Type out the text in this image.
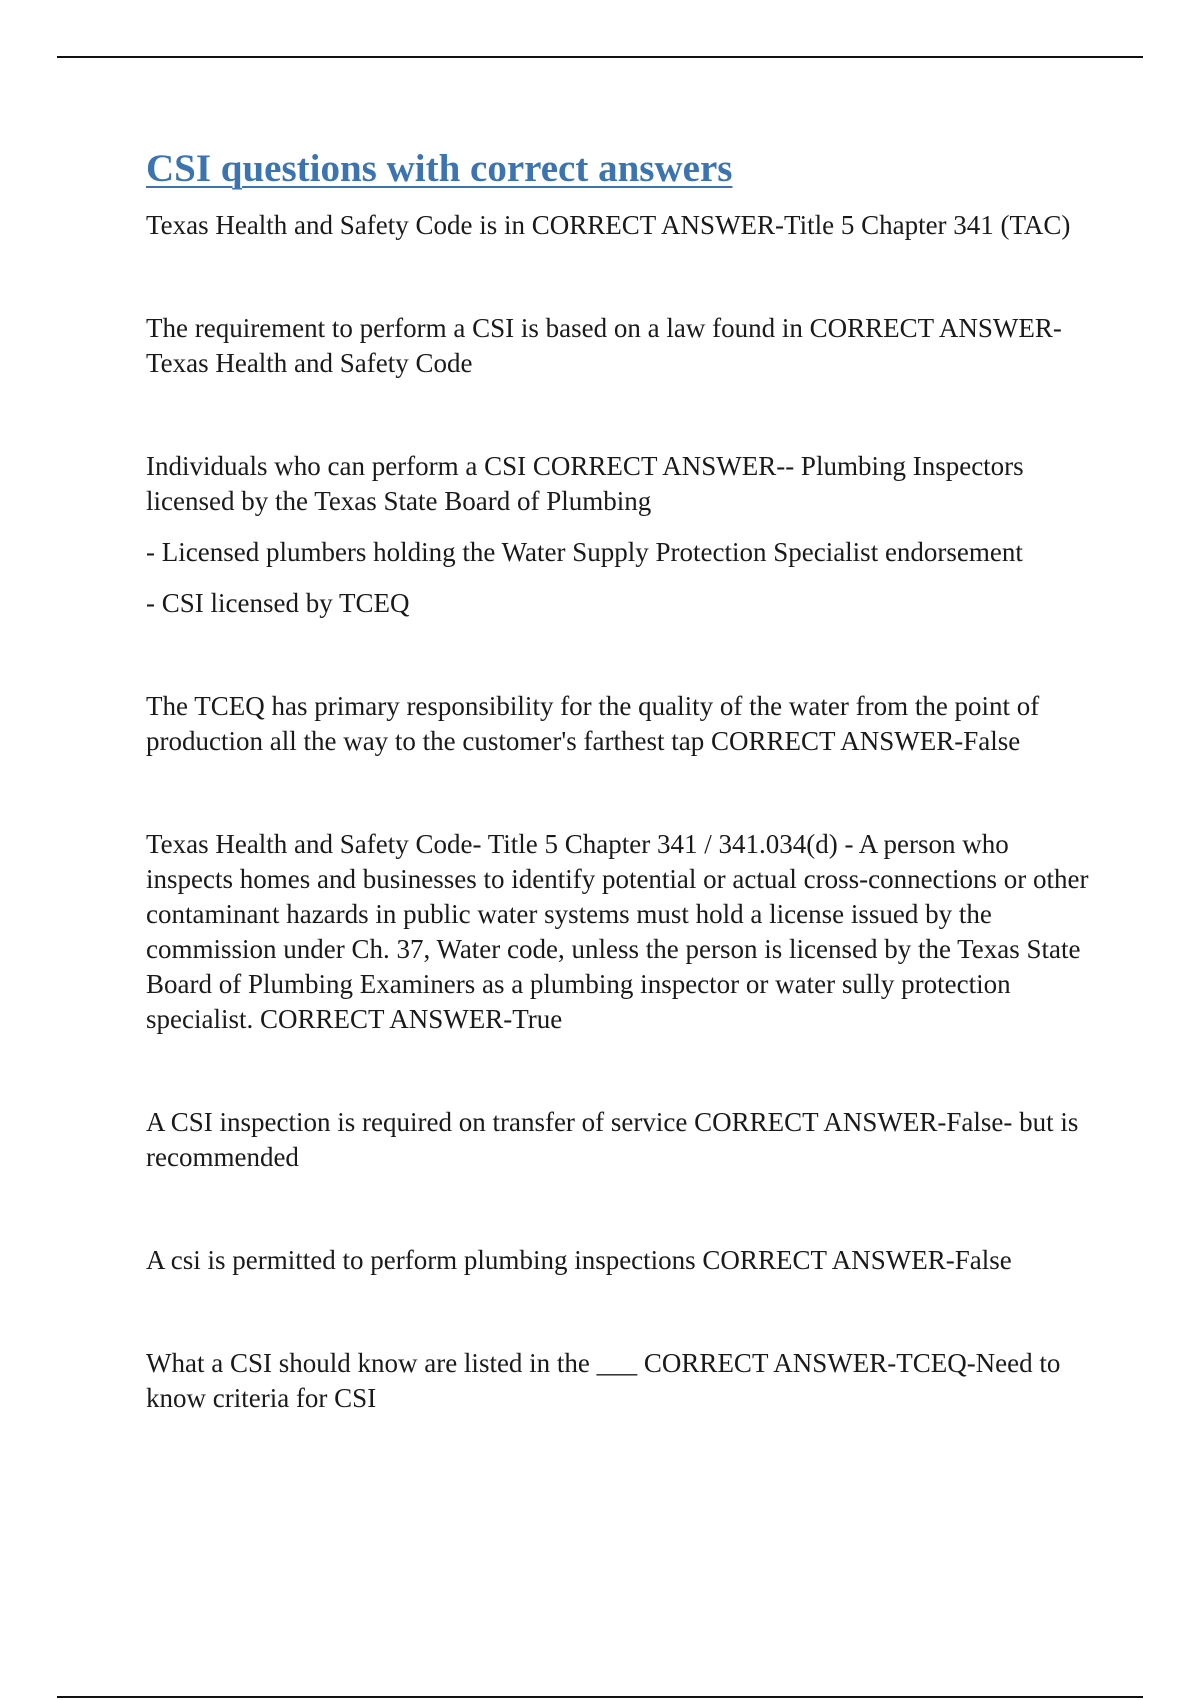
CSI questions with correct answers

Texas Health and Safety Code is in CORRECT ANSWER-Title 5 Chapter 341 (TAC)

The requirement to perform a CSI is based on a law found in CORRECT ANSWER-Texas Health and Safety Code

Individuals who can perform a CSI CORRECT ANSWER-- Plumbing Inspectors licensed by the Texas State Board of Plumbing

- Licensed plumbers holding the Water Supply Protection Specialist endorsement

- CSI licensed by TCEQ

The TCEQ has primary responsibility for the quality of the water from the point of production all the way to the customer's farthest tap CORRECT ANSWER-False

Texas Health and Safety Code- Title 5 Chapter 341 / 341.034(d) - A person who inspects homes and businesses to identify potential or actual cross-connections or other contaminant hazards in public water systems must hold a license issued by the commission under Ch. 37, Water code, unless the person is licensed by the Texas State Board of Plumbing Examiners as a plumbing inspector or water sully protection specialist. CORRECT ANSWER-True

A CSI inspection is required on transfer of service CORRECT ANSWER-False- but is recommended

A csi is permitted to perform plumbing inspections CORRECT ANSWER-False

What a CSI should know are listed in the ___ CORRECT ANSWER-TCEQ-Need to know criteria for CSI
